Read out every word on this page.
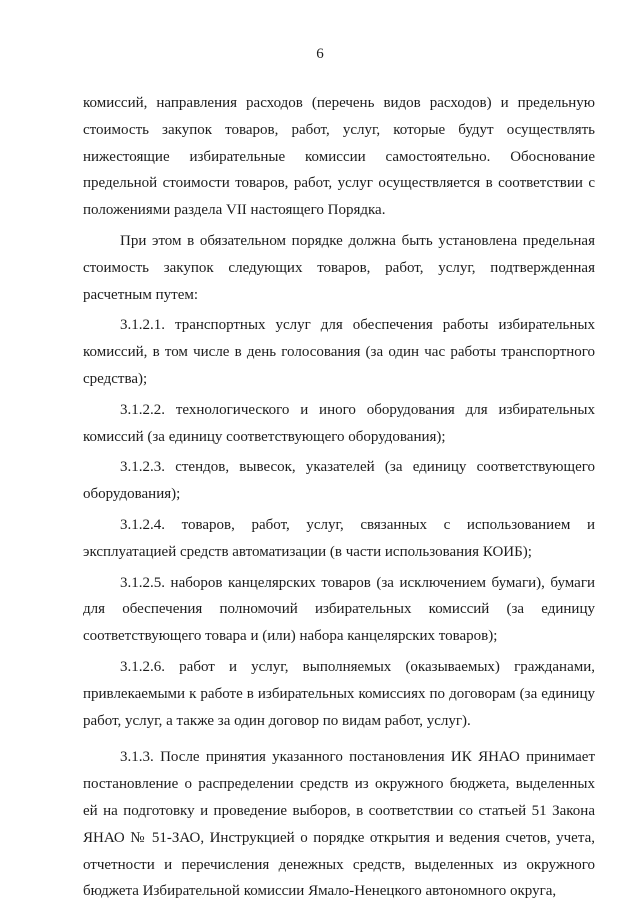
6

комиссий, направления расходов (перечень видов расходов) и предельную стоимость закупок товаров, работ, услуг, которые будут осуществлять нижестоящие избирательные комиссии самостоятельно. Обоснование предельной стоимости товаров, работ, услуг осуществляется в соответствии с положениями раздела VII настоящего Порядка.

При этом в обязательном порядке должна быть установлена предельная стоимость закупок следующих товаров, работ, услуг, подтвержденная расчетным путем:

3.1.2.1. транспортных услуг для обеспечения работы избирательных комиссий, в том числе в день голосования (за один час работы транспортного средства);

3.1.2.2. технологического и иного оборудования для избирательных комиссий (за единицу соответствующего оборудования);

3.1.2.3. стендов, вывесок, указателей (за единицу соответствующего оборудования);

3.1.2.4. товаров, работ, услуг, связанных с использованием и эксплуатацией средств автоматизации (в части использования КОИБ);

3.1.2.5. наборов канцелярских товаров (за исключением бумаги), бумаги для обеспечения полномочий избирательных комиссий (за единицу соответствующего товара и (или) набора канцелярских товаров);

3.1.2.6. работ и услуг, выполняемых (оказываемых) гражданами, привлекаемыми к работе в избирательных комиссиях по договорам (за единицу работ, услуг, а также за один договор по видам работ, услуг).

3.1.3. После принятия указанного постановления ИК ЯНАО принимает постановление о распределении средств из окружного бюджета, выделенных ей на подготовку и проведение выборов, в соответствии со статьей 51 Закона ЯНАО № 51-ЗАО, Инструкцией о порядке открытия и ведения счетов, учета, отчетности и перечисления денежных средств, выделенных из окружного бюджета Избирательной комиссии Ямало-Ненецкого автономного округа,
